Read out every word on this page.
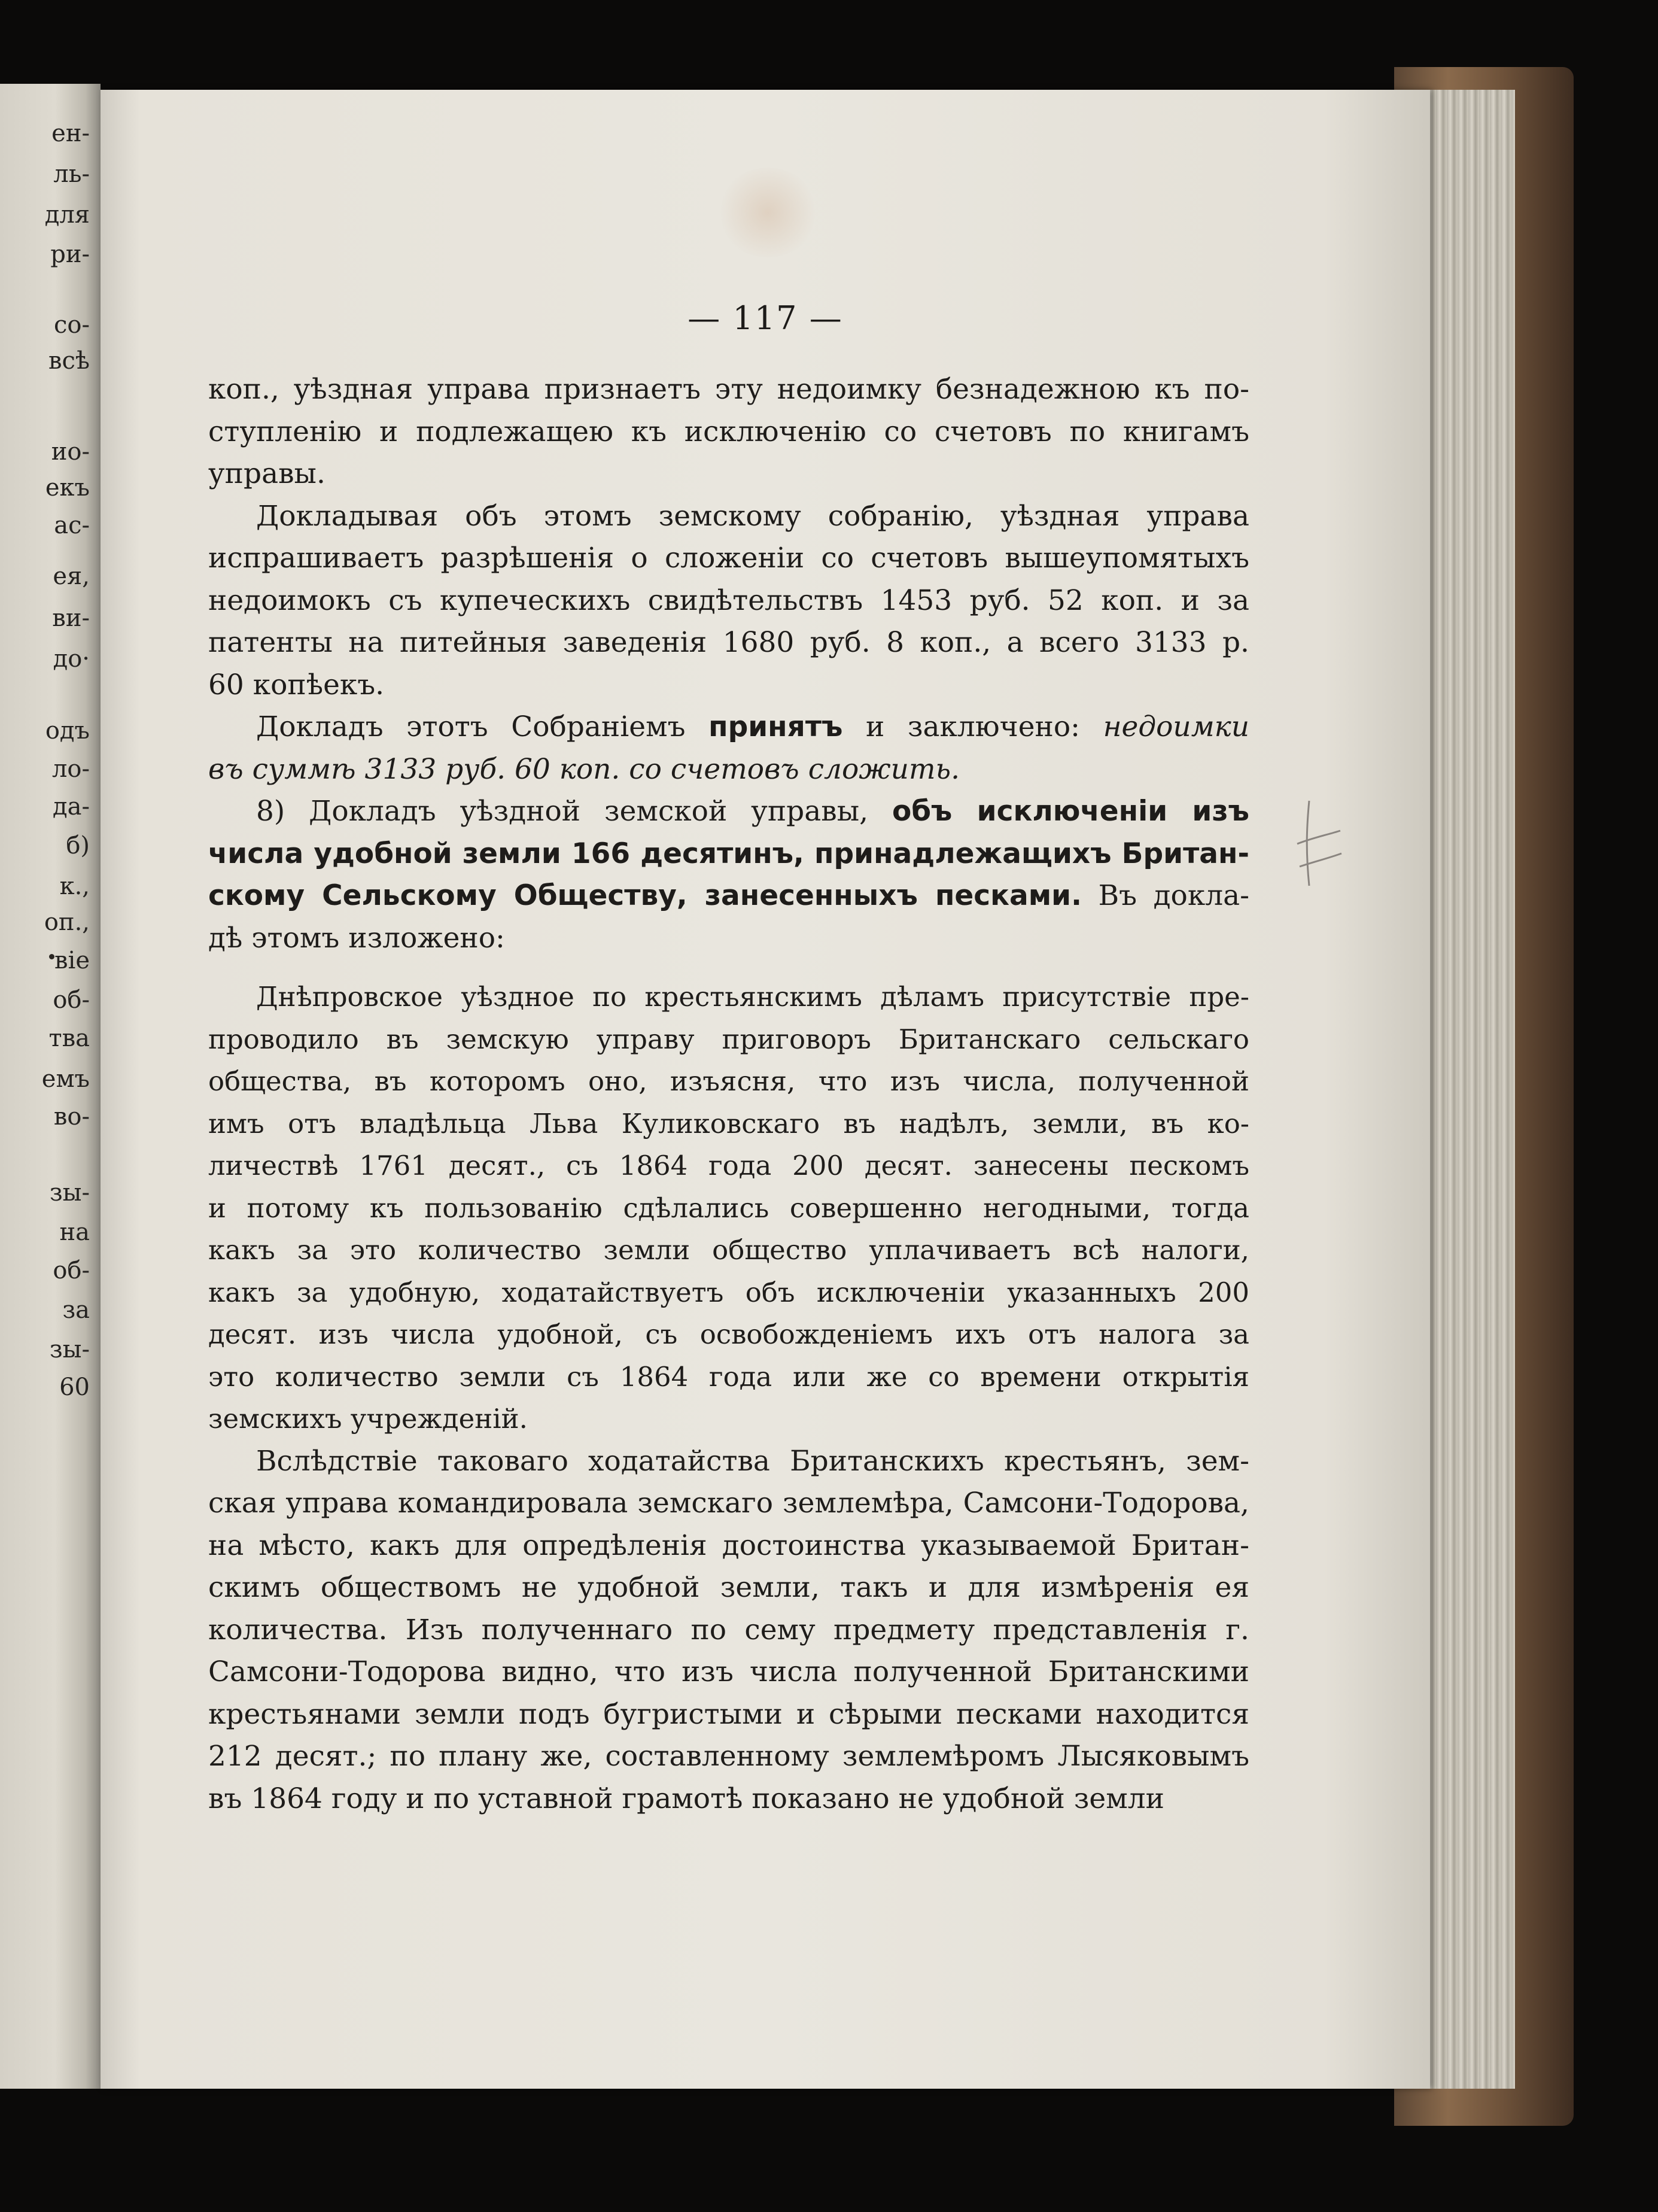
ен-
ль-
для
ри-
со-
всѣ
ио-
екъ
ас-
ея,
ви-
до·
одъ
ло-
да-
б)
к.,
оп.,
віе
об-
тва
емъ
во-
зы-
на
об-
за
зы-
60
— 117 —
коп., уѣздная управа признаетъ эту недоимку безнадежною къ по-
ступленію и подлежащею къ исключенію со счетовъ по книгамъ
управы.
Докладывая объ этомъ земскому собранію, уѣздная управа
испрашиваетъ разрѣшенія о сложеніи со счетовъ вышеупомятыхъ
недоимокъ съ купеческихъ свидѣтельствъ 1453 руб. 52 коп. и за
патенты на питейныя заведенія 1680 руб. 8 коп., а всего 3133 р.
60 копѣекъ.
Докладъ этотъ Собраніемъ принятъ и заключено: недоимки
въ суммѣ 3133 руб. 60 коп. со счетовъ сложить.
8) Докладъ уѣздной земской управы, объ исключеніи изъ
числа удобной земли 166 десятинъ, принадлежащихъ Британ-
скому Сельскому Обществу, занесенныхъ песками. Въ докла-
дѣ этомъ изложено:
Днѣпровское уѣздное по крестьянскимъ дѣламъ присутствіе пре-
проводило въ земскую управу приговоръ Британскаго сельскаго
общества, въ которомъ оно, изъясня, что изъ числа, полученной
имъ отъ владѣльца Льва Куликовскаго въ надѣлъ, земли, въ ко-
личествѣ 1761 десят., съ 1864 года 200 десят. занесены пескомъ
и потому къ пользованію сдѣлались совершенно негодными, тогда
какъ за это количество земли общество уплачиваетъ всѣ налоги,
какъ за удобную, ходатайствуетъ объ исключеніи указанныхъ 200
десят. изъ числа удобной, съ освобожденіемъ ихъ отъ налога за
это количество земли съ 1864 года или же со времени открытія
земскихъ учрежденій.
Вслѣдствіе таковаго ходатайства Британскихъ крестьянъ, зем-
ская управа командировала земскаго землемѣра, Самсони-Тодорова,
на мѣсто, какъ для опредѣленія достоинства указываемой Британ-
скимъ обществомъ не удобной земли, такъ и для измѣренія ея
количества. Изъ полученнаго по сему предмету представленія г.
Самсони-Тодорова видно, что изъ числа полученной Британскими
крестьянами земли подъ бугристыми и сѣрыми песками находится
212 десят.; по плану же, составленному землемѣромъ Лысяковымъ
въ 1864 году и по уставной грамотѣ показано не удобной земли
